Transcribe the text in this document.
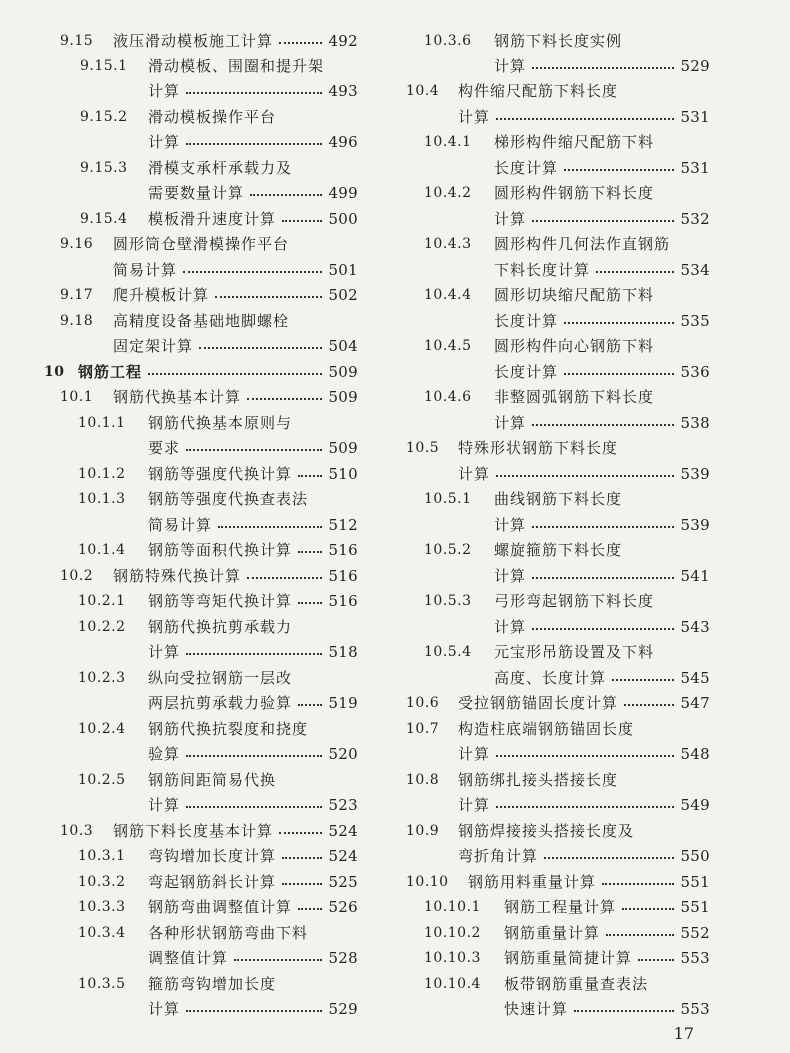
9.15 液压滑动模板施工计算	492
9.15.1 滑动模板、围圈和提升架
计算	493
9.15.2 滑动模板操作平台
计算	496
9.15.3 滑模支承杆承载力及
需要数量计算	499
9.15.4 模板滑升速度计算	500
9.16 圆形筒仓壁滑模操作平台
简易计算	501
9.17 爬升模板计算	502
9.18 高精度设备基础地脚螺栓
固定架计算	504
10 钢筋工程	509
10.1 钢筋代换基本计算	509
10.1.1 钢筋代换基本原则与
要求	509
10.1.2 钢筋等强度代换计算 510
10.1.3 钢筋等强度代换查表法
简易计算	512
10.1.4 钢筋等面积代换计算 516
10.2 钢筋特殊代换计算	516
10.2.1 钢筋等弯矩代换计算 516
10.2.2 钢筋代换抗剪承载力
计算	518
10.2.3 纵向受拉钢筋一层改
两层抗剪承载力验算 519
10.2.4 钢筋代换抗裂度和挠度
验算	520
10.2.5 钢筋间距简易代换
计算	523
10.3 钢筋下料长度基本计算	524
10.3.1 弯钩增加长度计算	524
10.3.2 弯起钢筋斜长计算	525
10.3.3 钢筋弯曲调整值计算 526
10.3.4 各种形状钢筋弯曲下料
调整值计算	528
10.3.5 箍筋弯钩增加长度
计算	529
10.3.6 钢筋下料长度实例
计算	529
10.4 构件缩尺配筋下料长度
计算	531
10.4.1 梯形构件缩尺配筋下料
长度计算	531
10.4.2 圆形构件钢筋下料长度
计算	532
10.4.3 圆形构件几何法作直钢筋
下料长度计算	534
10.4.4 圆形切块缩尺配筋下料
长度计算	535
10.4.5 圆形构件向心钢筋下料
长度计算	536
10.4.6 非整圆弧钢筋下料长度
计算	538
10.5 特殊形状钢筋下料长度
计算	539
10.5.1 曲线钢筋下料长度
计算	539
10.5.2 螺旋箍筋下料长度
计算	541
10.5.3 弓形弯起钢筋下料长度
计算	543
10.5.4 元宝形吊筋设置及下料
高度、长度计算	545
10.6 受拉钢筋锚固长度计算	547
10.7 构造柱底端钢筋锚固长度
计算	548
10.8 钢筋绑扎接头搭接长度
计算	549
10.9 钢筋焊接接头搭接长度及
弯折角计算	550
10.10 钢筋用料重量计算	551
10.10.1 钢筋工程量计算	551
10.10.2 钢筋重量计算	552
10.10.3 钢筋重量简捷计算	553
10.10.4 板带钢筋重量查表法
快速计算	553
17
